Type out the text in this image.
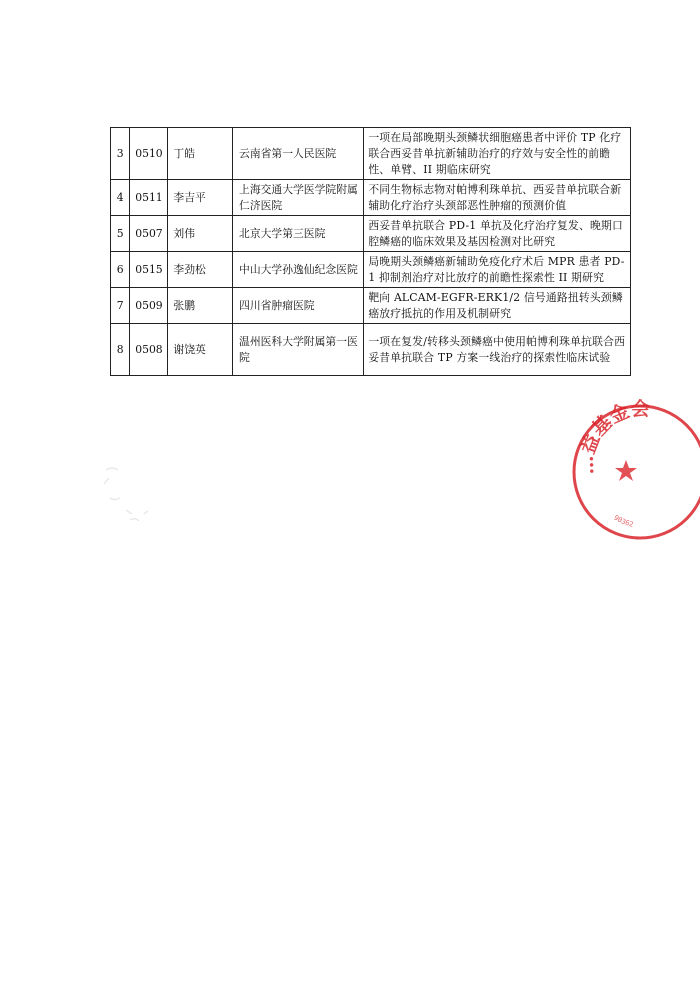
3	0510	丁皓	云南省第一人民医院	一项在局部晚期头颈鳞状细胞癌患者中评价 TP 化疗联合西妥昔单抗新辅助治疗的疗效与安全性的前瞻性、单臂、II 期临床研究
4	0511	李吉平	上海交通大学医学院附属仁济医院	不同生物标志物对帕博利珠单抗、西妥昔单抗联合新辅助化疗治疗头颈部恶性肿瘤的预测价值
5	0507	刘伟	北京大学第三医院	西妥昔单抗联合 PD-1 单抗及化疗治疗复发、晚期口腔鳞癌的临床效果及基因检测对比研究
6	0515	李劲松	中山大学孙逸仙纪念医院	局晚期头颈鳞癌新辅助免疫化疗术后 MPR 患者 PD-1 抑制剂治疗对比放疗的前瞻性探索性 II 期研究
7	0509	张鹏	四川省肿瘤医院	靶向 ALCAM-EGFR-ERK1/2 信号通路扭转头颈鳞癌放疗抵抗的作用及机制研究
8	0508	谢饶英	温州医科大学附属第一医院	一项在复发/转移头颈鳞癌中使用帕博利珠单抗联合西妥昔单抗联合 TP 方案一线治疗的探索性临床试验
…益基金会
90362
